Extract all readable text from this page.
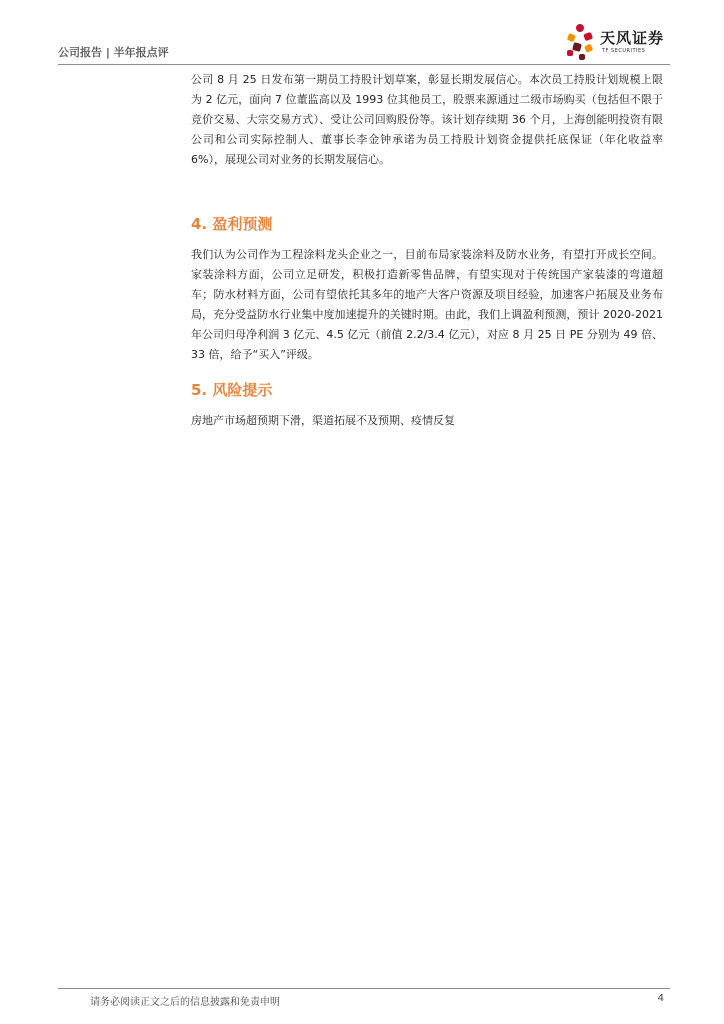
公司报告 | 半年报点评
天风证券
TF SECURITIES

公司 8 月 25 日发布第一期员工持股计划草案，彰显长期发展信心。本次员工持股计划规模上限为 2 亿元，面向 7 位董监高以及 1993 位其他员工，股票来源通过二级市场购买（包括但不限于竞价交易、大宗交易方式）、受让公司回购股份等。该计划存续期 36 个月，上海创能明投资有限公司和公司实际控制人、董事长李金钟承诺为员工持股计划资金提供托底保证（年化收益率 6%），展现公司对业务的长期发展信心。

4. 盈利预测

我们认为公司作为工程涂料龙头企业之一，目前布局家装涂料及防水业务，有望打开成长空间。家装涂料方面，公司立足研发，积极打造新零售品牌，有望实现对于传统国产家装漆的弯道超车；防水材料方面，公司有望依托其多年的地产大客户资源及项目经验，加速客户拓展及业务布局，充分受益防水行业集中度加速提升的关键时期。由此，我们上调盈利预测，预计 2020-2021 年公司归母净利润 3 亿元、4.5 亿元（前值 2.2/3.4 亿元），对应 8 月 25 日 PE 分别为 49 倍、33 倍，给予“买入”评级。

5. 风险提示

房地产市场超预期下滑，渠道拓展不及预期、疫情反复

请务必阅读正文之后的信息披露和免责申明	4
